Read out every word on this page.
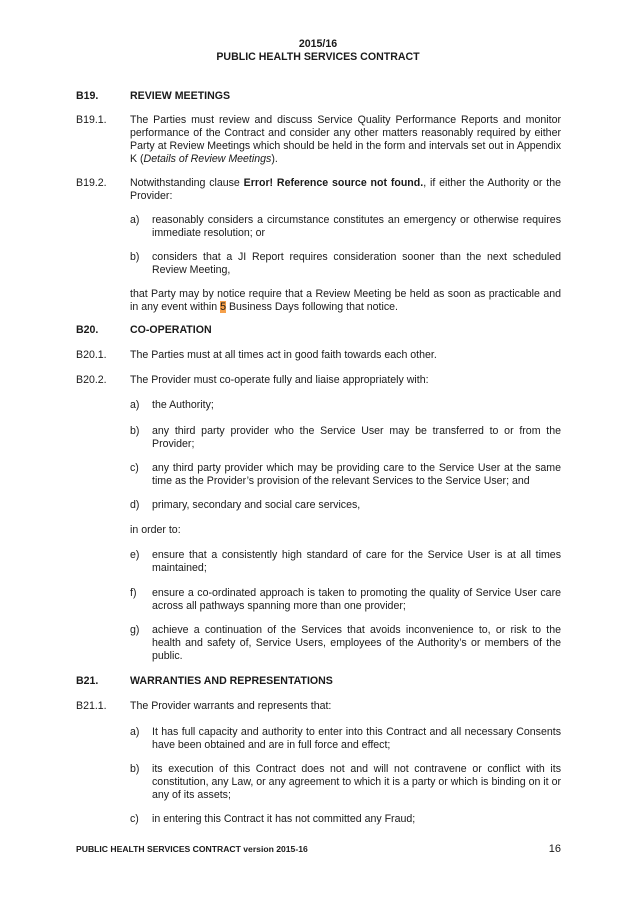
2015/16
PUBLIC HEALTH SERVICES CONTRACT
B19.	REVIEW MEETINGS
B19.1. The Parties must review and discuss Service Quality Performance Reports and monitor performance of the Contract and consider any other matters reasonably required by either Party at Review Meetings which should be held in the form and intervals set out in Appendix K (Details of Review Meetings).
B19.2. Notwithstanding clause Error! Reference source not found., if either the Authority or the Provider:
a) reasonably considers a circumstance constitutes an emergency or otherwise requires immediate resolution; or
b) considers that a JI Report requires consideration sooner than the next scheduled Review Meeting,
that Party may by notice require that a Review Meeting be held as soon as practicable and in any event within 5 Business Days following that notice.
B20.	CO-OPERATION
B20.1. The Parties must at all times act in good faith towards each other.
B20.2. The Provider must co-operate fully and liaise appropriately with:
a) the Authority;
b) any third party provider who the Service User may be transferred to or from the Provider;
c) any third party provider which may be providing care to the Service User at the same time as the Provider’s provision of the relevant Services to the Service User; and
d) primary, secondary and social care services,
in order to:
e) ensure that a consistently high standard of care for the Service User is at all times maintained;
f) ensure a co-ordinated approach is taken to promoting the quality of Service User care across all pathways spanning more than one provider;
g) achieve a continuation of the Services that avoids inconvenience to, or risk to the health and safety of, Service Users, employees of the Authority’s or members of the public.
B21.	WARRANTIES AND REPRESENTATIONS
B21.1. The Provider warrants and represents that:
a) It has full capacity and authority to enter into this Contract and all necessary Consents have been obtained and are in full force and effect;
b) its execution of this Contract does not and will not contravene or conflict with its constitution, any Law, or any agreement to which it is a party or which is binding on it or any of its assets;
c) in entering this Contract it has not committed any Fraud;
PUBLIC HEALTH SERVICES CONTRACT version 2015-16	16
